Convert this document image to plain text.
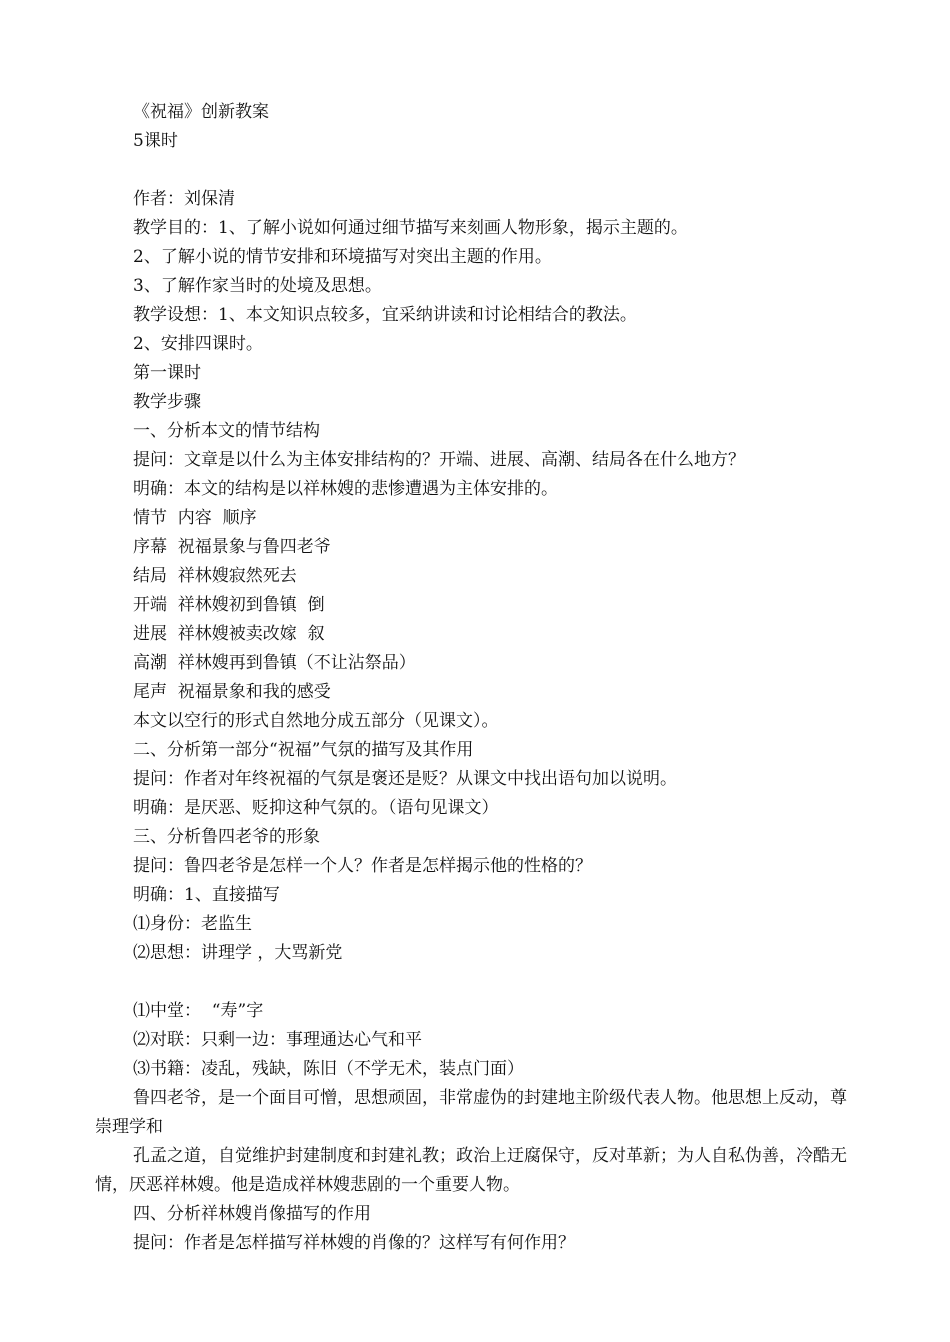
《祝福》创新教案

5课时

作者：刘保清

教学目的：1、了解小说如何通过细节描写来刻画人物形象，揭示主题的。

2、了解小说的情节安排和环境描写对突出主题的作用。

3、了解作家当时的处境及思想。

教学设想：1、本文知识点较多，宜采纳讲读和讨论相结合的教法。

2、安排四课时。

第一课时

教学步骤

一、分析本文的情节结构

提问：文章是以什么为主体安排结构的？开端、进展、高潮、结局各在什么地方？

明确：本文的结构是以祥林嫂的悲惨遭遇为主体安排的。

情节  内容  顺序

序幕  祝福景象与鲁四老爷

结局  祥林嫂寂然死去

开端  祥林嫂初到鲁镇  倒

进展  祥林嫂被卖改嫁  叙

高潮  祥林嫂再到鲁镇（不让沾祭品）

尾声  祝福景象和我的感受

本文以空行的形式自然地分成五部分（见课文）。

二、分析第一部分“祝福”气氛的描写及其作用

提问：作者对年终祝福的气氛是褒还是贬？从课文中找出语句加以说明。

明确：是厌恶、贬抑这种气氛的。（语句见课文）

三、分析鲁四老爷的形象

提问：鲁四老爷是怎样一个人？作者是怎样揭示他的性格的？

明确：1、直接描写

⑴身份：老监生

⑵思想：讲理学 ，大骂新党

⑴中堂：  “寿”字

⑵对联：只剩一边：事理通达心气和平

⑶书籍：凌乱，残缺，陈旧（不学无术，装点门面）

鲁四老爷，是一个面目可憎，思想顽固，非常虚伪的封建地主阶级代表人物。他思想上反动，尊崇理学和

孔孟之道，自觉维护封建制度和封建礼教；政治上迂腐保守，反对革新；为人自私伪善，冷酷无情，厌恶祥林嫂。他是造成祥林嫂悲剧的一个重要人物。

四、分析祥林嫂肖像描写的作用

提问：作者是怎样描写祥林嫂的肖像的？这样写有何作用？
